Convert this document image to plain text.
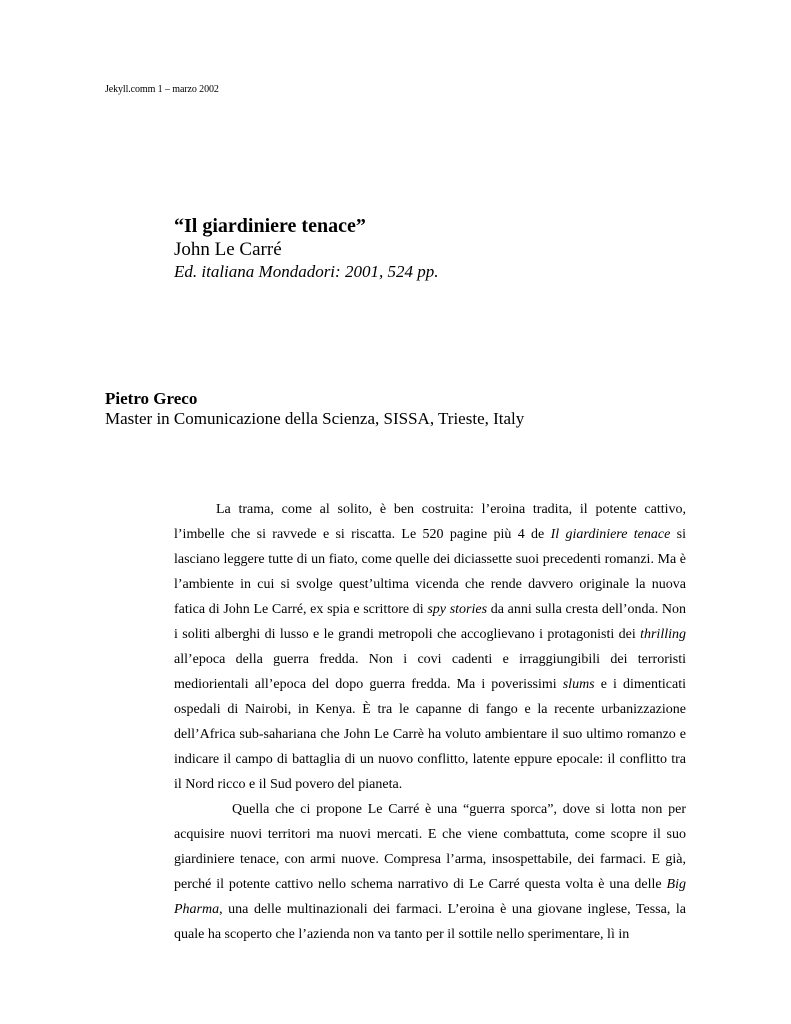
Jekyll.comm 1 – marzo 2002
“Il giardiniere tenace”
John Le Carré
Ed. italiana Mondadori: 2001, 524 pp.
Pietro Greco
Master in Comunicazione della Scienza, SISSA, Trieste, Italy

La trama, come al solito, è ben costruita: l’eroina tradita, il potente cattivo, l’imbelle che si ravvede e si riscatta. Le 520 pagine più 4 de Il giardiniere tenace si lasciano leggere tutte di un fiato, come quelle dei diciassette suoi precedenti romanzi. Ma è l’ambiente in cui si svolge quest’ultima vicenda che rende davvero originale la nuova fatica di John Le Carré, ex spia e scrittore di spy stories da anni sulla cresta dell’onda. Non i soliti alberghi di lusso e le grandi metropoli che accoglievano i protagonisti dei thrilling all’epoca della guerra fredda. Non i covi cadenti e irraggiungibili dei terroristi mediorientali all’epoca del dopo guerra fredda. Ma i poverissimi slums e i dimenticati ospedali di Nairobi, in Kenya. È tra le capanne di fango e la recente urbanizzazione dell’Africa sub-sahariana che John Le Carrè ha voluto ambientare il suo ultimo romanzo e indicare il campo di battaglia di un nuovo conflitto, latente eppure epocale: il conflitto tra il Nord ricco e il Sud povero del pianeta.

Quella che ci propone Le Carré è una “guerra sporca”, dove si lotta non per acquisire nuovi territori ma nuovi mercati. E che viene combattuta, come scopre il suo giardiniere tenace, con armi nuove. Compresa l’arma, insospettabile, dei farmaci. E già, perché il potente cattivo nello schema narrativo di Le Carré questa volta è una delle Big Pharma, una delle multinazionali dei farmaci. L’eroina è una giovane inglese, Tessa, la quale ha scoperto che l’azienda non va tanto per il sottile nello sperimentare, lì in
